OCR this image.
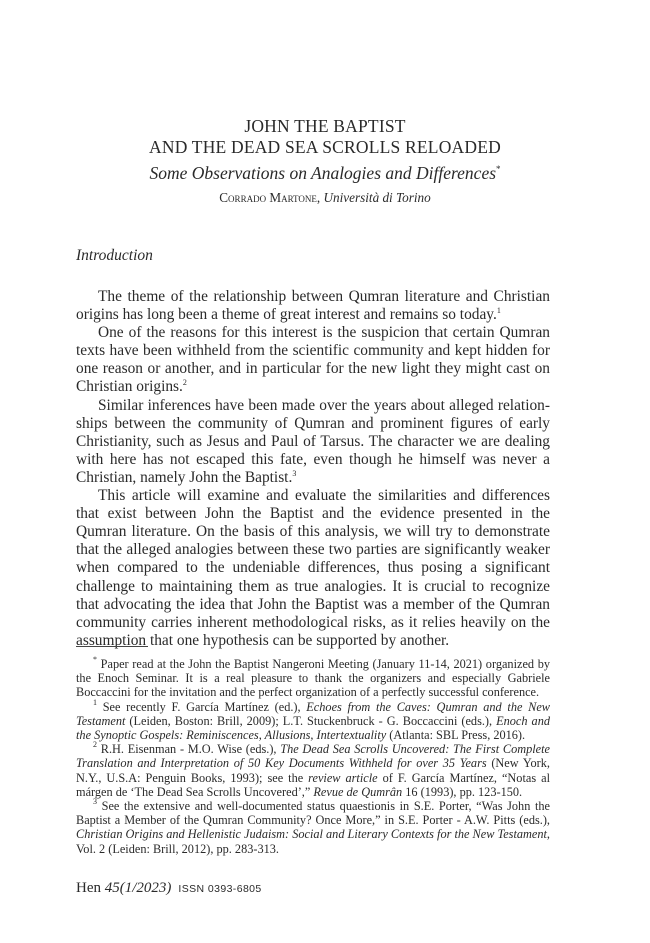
JOHN THE BAPTIST
AND THE DEAD SEA SCROLLS RELOADED
Some Observations on Analogies and Differences*
Corrado Martone, Università di Torino
Introduction

The theme of the relationship between Qumran literature and Christian origins has long been a theme of great interest and remains so today.$^1$

One of the reasons for this interest is the suspicion that certain Qumran texts have been withheld from the scientific community and kept hidden for one reason or another, and in particular for the new light they might cast on Christian origins.$^2$

Similar inferences have been made over the years about alleged relationships between the community of Qumran and prominent figures of early Christianity, such as Jesus and Paul of Tarsus. The character we are dealing with here has not escaped this fate, even though he himself was never a Christian, namely John the Baptist.$^3$

This article will examine and evaluate the similarities and differences that exist between John the Baptist and the evidence presented in the Qumran literature. On the basis of this analysis, we will try to demonstrate that the alleged analogies between these two parties are significantly weaker when compared to the undeniable differences, thus posing a significant challenge to maintaining them as true analogies. It is crucial to recognize that advocating the idea that John the Baptist was a member of the Qumran community carries inherent methodological risks, as it relies heavily on the assumption that one hypothesis can be supported by another.

* Paper read at the John the Baptist Nangeroni Meeting (January 11-14, 2021) organized by the Enoch Seminar. It is a real pleasure to thank the organizers and especially Gabriele Boccaccini for the invitation and the perfect organization of a perfectly successful conference.

$^1$ See recently F. García Martínez (ed.), Echoes from the Caves: Qumran and the New Testament (Leiden, Boston: Brill, 2009); L.T. Stuckenbruck - G. Boccaccini (eds.), Enoch and the Synoptic Gospels: Reminiscences, Allusions, Intertextuality (Atlanta: SBL Press, 2016).

$^2$ R.H. Eisenman - M.O. Wise (eds.), The Dead Sea Scrolls Uncovered: The First Complete Translation and Interpretation of 50 Key Documents Withheld for over 35 Years (New York, N.Y., U.S.A: Penguin Books, 1993); see the review article of F. García Martínez, “Notas al márgen de ‘The Dead Sea Scrolls Uncovered’,” Revue de Qumrân 16 (1993), pp. 123-150.

$^3$ See the extensive and well-documented status quaestionis in S.E. Porter, “Was John the Baptist a Member of the Qumran Community? Once More,” in S.E. Porter - A.W. Pitts (eds.), Christian Origins and Hellenistic Judaism: Social and Literary Contexts for the New Testament, Vol. 2 (Leiden: Brill, 2012), pp. 283-313.

Hen 45(1/2023) ISSN 0393-6805
